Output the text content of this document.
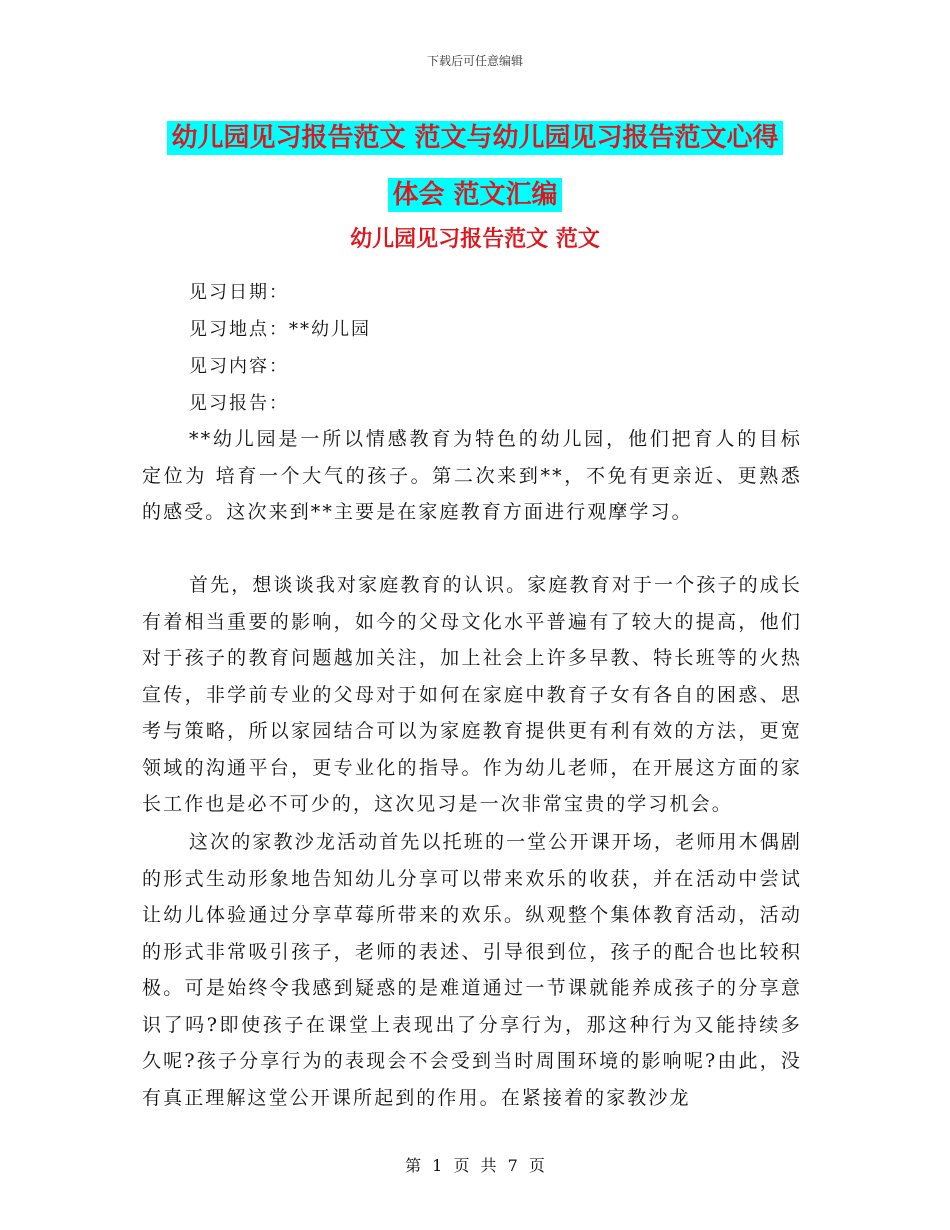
下载后可任意编辑
幼儿园见习报告范文 范文与幼儿园见习报告范文心得
体会 范文汇编
幼儿园见习报告范文 范文
见习日期：
见习地点：**幼儿园
见习内容：
见习报告：
**幼儿园是一所以情感教育为特色的幼儿园，他们把育人的目标定位为 培育一个大气的孩子。第二次来到**，不免有更亲近、更熟悉的感受。这次来到**主要是在家庭教育方面进行观摩学习。
首先，想谈谈我对家庭教育的认识。家庭教育对于一个孩子的成长有着相当重要的影响，如今的父母文化水平普遍有了较大的提高，他们对于孩子的教育问题越加关注，加上社会上许多早教、特长班等的火热宣传，非学前专业的父母对于如何在家庭中教育子女有各自的困惑、思考与策略，所以家园结合可以为家庭教育提供更有利有效的方法，更宽领域的沟通平台，更专业化的指导。作为幼儿老师，在开展这方面的家长工作也是必不可少的，这次见习是一次非常宝贵的学习机会。
这次的家教沙龙活动首先以托班的一堂公开课开场，老师用木偶剧的形式生动形象地告知幼儿分享可以带来欢乐的收获，并在活动中尝试让幼儿体验通过分享草莓所带来的欢乐。纵观整个集体教育活动，活动的形式非常吸引孩子，老师的表述、引导很到位，孩子的配合也比较积极。可是始终令我感到疑惑的是难道通过一节课就能养成孩子的分享意识了吗?即使孩子在课堂上表现出了分享行为，那这种行为又能持续多久呢?孩子分享行为的表现会不会受到当时周围环境的影响呢?由此，没有真正理解这堂公开课所起到的作用。在紧接着的家教沙龙
第 1 页 共 7 页
